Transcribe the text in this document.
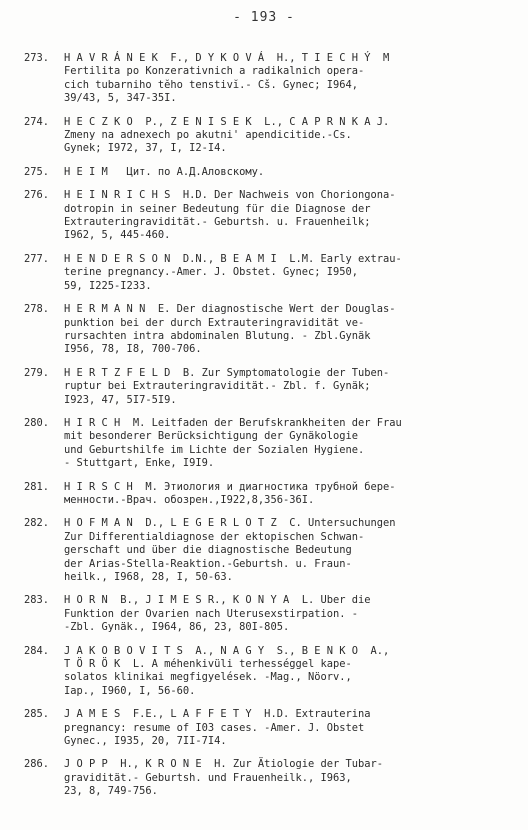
- 193 -
273.	H A V R Á N E K  F., D Y K O V Á  H., T I E C H Ý  M
Fertilita po Konzerativnich a radikalnich opera-
cich tubarniho tĕho tenstivĭ.- Cš. Gynec; I964,
39/43, 5, 347-35I.
274.	H E C Z K O  P., Z E N I S E K  L., C A P R N K A J.
Zmeny na adnexech po akutni' apendicitide.-Cs.
Gynek; I972, 37, I, I2-I4.
275.	H E I M   Цит. по А.Д.Аловскому.
276.	H E I N R I C H S  H.D. Der Nachweis von Choriongona-
dotropin in seiner Bedeutung für die Diagnose der
Extrauteringravidität.- Geburtsh. u. Frauenheilk;
I962, 5, 445-460.
277.	H E N D E R S O N  D.N., B E A M I  L.M. Early extrau-
terine pregnancy.-Amer. J. Obstet. Gynec; I950,
59, I225-I233.
278.	H E R M A N N  E. Der diagnostische Wert der Douglas-
punktion bei der durch Extrauteringravidität ve-
rursachten intra abdominalen Blutung. - Zbl.Gynäk
I956, 78, I8, 700-706.
279.	H E R T Z F E L D  B. Zur Symptomatologie der Tuben-
ruptur bei Extrauteringravidität.- Zbl. f. Gynäk;
I923, 47, 5I7-5I9.
280.	H I R C H  M. Leitfaden der Berufskrankheiten der Frau
mit besonderer Berücksichtigung der Gynäkologie
und Geburtshilfe im Lichte der Sozialen Hygiene.
- Stuttgart, Enke, I9I9.
281.	H I R S C H  M. Этиология и диагностика трубной бере-
менности.-Врач. обозрен.,I922,8,356-36I.
282.	H O F M A N  D., L E G E R L O T Z  C. Untersuchungen
Zur Differentialdiagnose der ektopischen Schwan-
gerschaft und über die diagnostische Bedeutung
der Arias-Stella-Reaktion.-Geburtsh. u. Fraun-
heilk., I968, 28, I, 50-63.
283.	H O R N  B., J I M E S R., K O N Y A  L. Uber die
Funktion der Ovarien nach Uterusexstirpation. -
-Zbl. Gynäk., I964, 86, 23, 80I-805.
284.	J A K O B O V I T S  A., N A G Y  S., B E N K O  A.,
T Ö R Ö K  L. A méhenkivüli terhességgel kape-
solatos klinikai megfigyelések. -Mag., Nöorv.,
Iap., I960, I, 56-60.
285.	J A M E S  F.E., L A F F E T Y  H.D. Extrauterina
pregnancy: resume of I03 cases. -Amer. J. Obstet
Gynec., I935, 20, 7II-7I4.
286.	J O P P  H., K R O N E  H. Zur Ätiologie der Tubar-
gravidität.- Geburtsh. und Frauenheilk., I963,
23, 8, 749-756.
